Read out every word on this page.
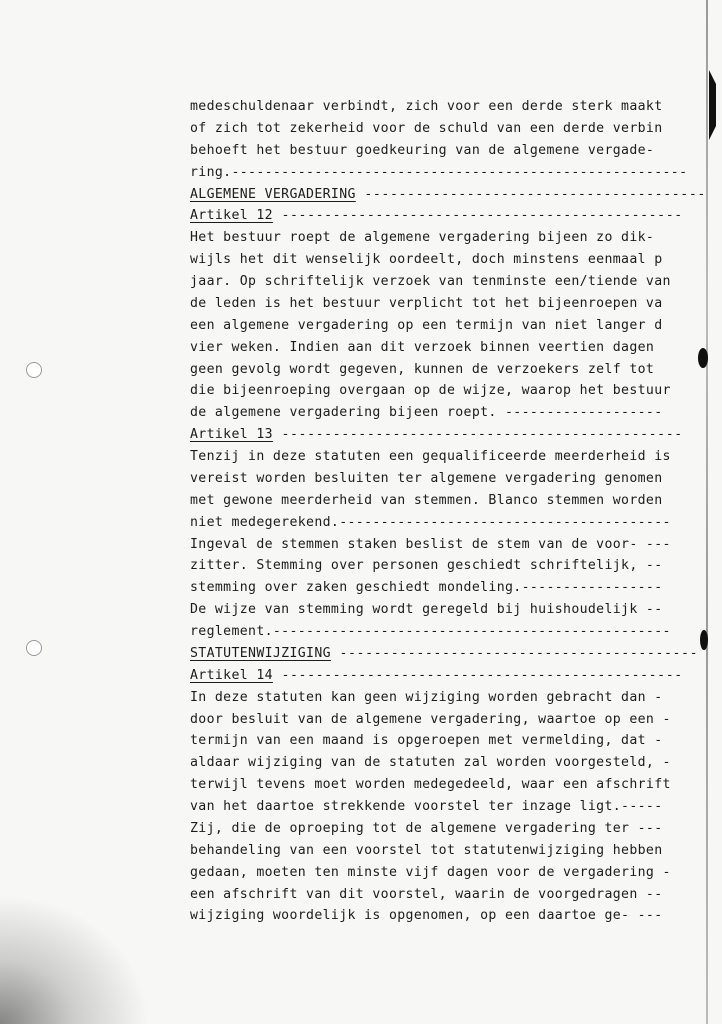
medeschuldenaar verbindt, zich voor een derde sterk maakt
of zich tot zekerheid voor de schuld van een derde verbin
behoeft het bestuur goedkeuring van de algemene vergade-
ring.-------------------------------------------------------
ALGEMENE VERGADERING ----------------------------------------
Artikel 12 -----------------------------------------------
Het bestuur roept de algemene vergadering bijeen zo dik-
wijls het dit wenselijk oordeelt, doch minstens eenmaal p
jaar. Op schriftelijk verzoek van tenminste een/tiende van
de leden is het bestuur verplicht tot het bijeenroepen va
een algemene vergadering op een termijn van niet langer d
vier weken. Indien aan dit verzoek binnen veertien dagen
geen gevolg wordt gegeven, kunnen de verzoekers zelf tot
die bijeenroeping overgaan op de wijze, waarop het bestuur
de algemene vergadering bijeen roept. -------------------
Artikel 13 -----------------------------------------------
Tenzij in deze statuten een gequalificeerde meerderheid is
vereist worden besluiten ter algemene vergadering genomen
met gewone meerderheid van stemmen. Blanco stemmen worden
niet medegerekend.----------------------------------------
Ingeval de stemmen staken beslist de stem van de voor- ---
zitter. Stemming over personen geschiedt schriftelijk, --
stemming over zaken geschiedt mondeling.-----------------
De wijze van stemming wordt geregeld bij huishoudelijk --
reglement.------------------------------------------------
STATUTENWIJZIGING ------------------------------------------
Artikel 14 -----------------------------------------------
In deze statuten kan geen wijziging worden gebracht dan -
door besluit van de algemene vergadering, waartoe op een -
termijn van een maand is opgeroepen met vermelding, dat -
aldaar wijziging van de statuten zal worden voorgesteld, -
terwijl tevens moet worden medegedeeld, waar een afschrift
van het daartoe strekkende voorstel ter inzage ligt.-----
Zij, die de oproeping tot de algemene vergadering ter ---
behandeling van een voorstel tot statutenwijziging hebben
gedaan, moeten ten minste vijf dagen voor de vergadering -
een afschrift van dit voorstel, waarin de voorgedragen --
wijziging woordelijk is opgenomen, op een daartoe ge- ---
